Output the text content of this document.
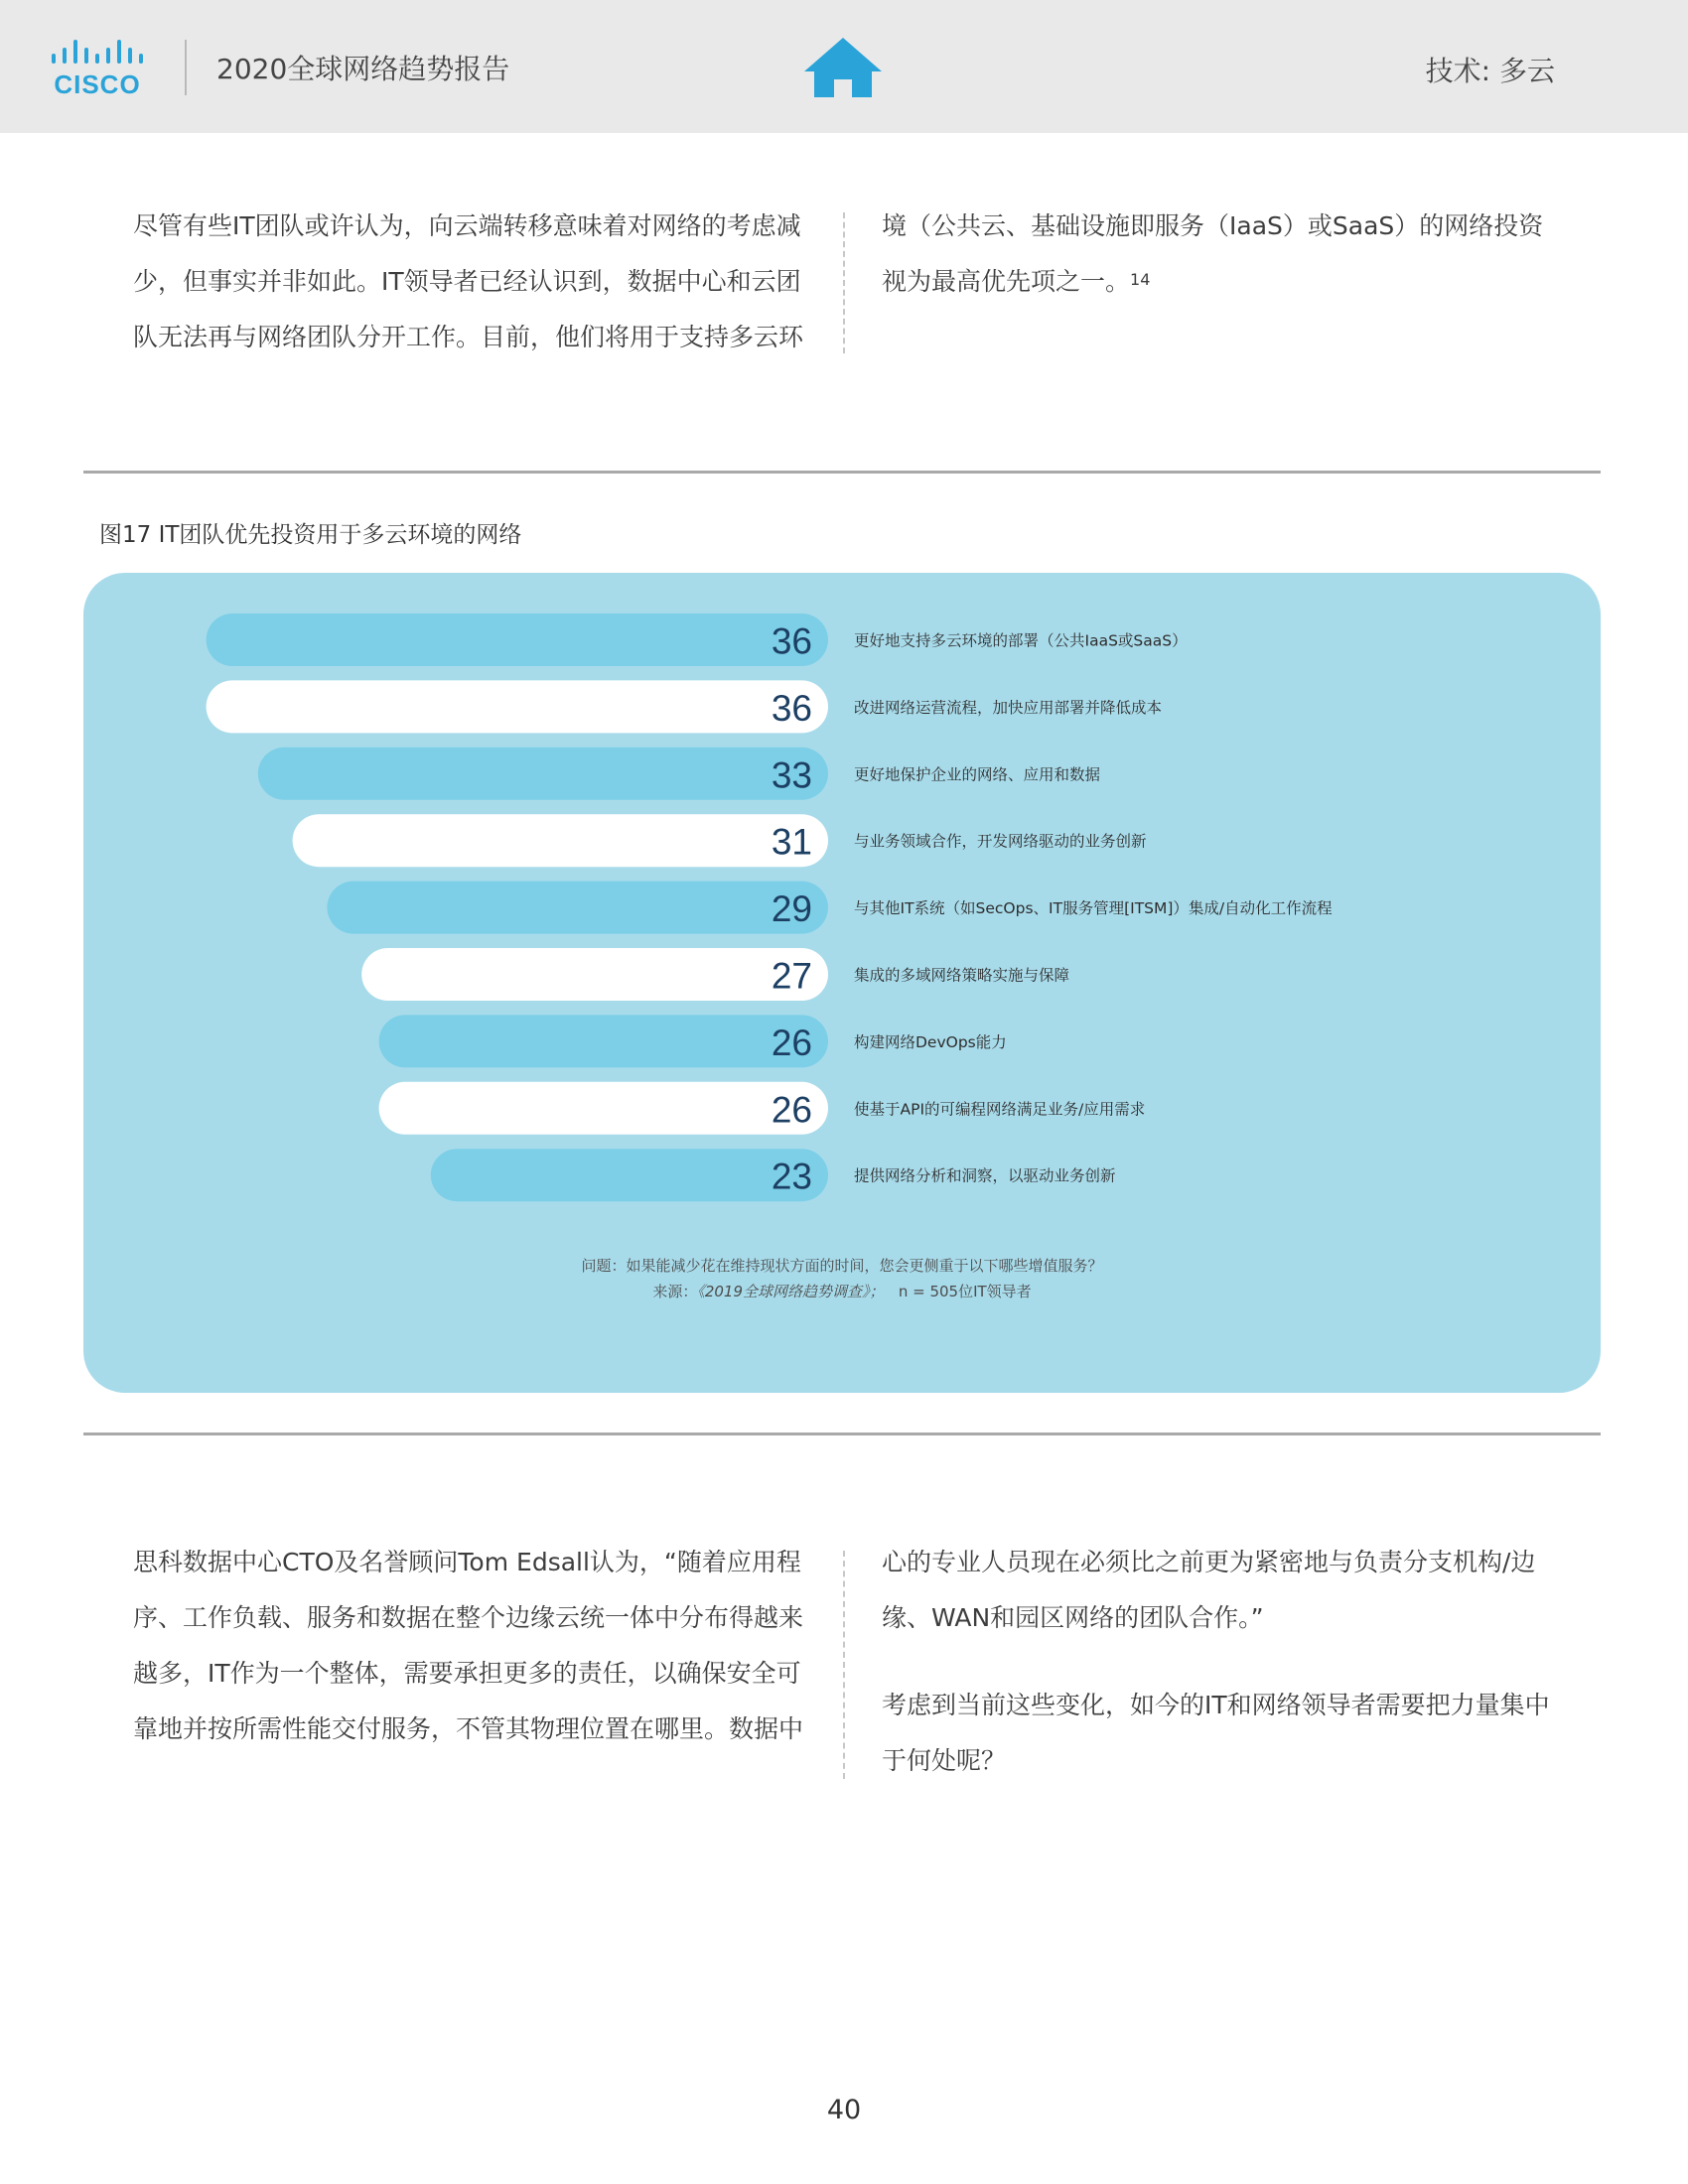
CISCO	2020全球网络趋势报告	技术: 多云
尽管有些IT团队或许认为，向云端转移意味着对网络的考虑减少，但事实并非如此。IT领导者已经认识到，数据中心和云团队无法再与网络团队分开工作。目前，他们将用于支持多云环
境（公共云、基础设施即服务（IaaS）或SaaS）的网络投资视为最高优先项之一。$^{14}$
图17 IT团队优先投资用于多云环境的网络
36	更好地支持多云环境的部署（公共IaaS或SaaS）
36	改进网络运营流程，加快应用部署并降低成本
33	更好地保护企业的网络、应用和数据
31	与业务领域合作，开发网络驱动的业务创新
29	与其他IT系统（如SecOps、IT服务管理[ITSM]）集成/自动化工作流程
27	集成的多域网络策略实施与保障
26	构建网络DevOps能力
26	使基于API的可编程网络满足业务/应用需求
23	提供网络分析和洞察，以驱动业务创新
问题：如果能减少花在维持现状方面的时间，您会更侧重于以下哪些增值服务？
来源：《2019全球网络趋势调查》； n = 505位IT领导者
思科数据中心CTO及名誉顾问Tom Edsall认为，“随着应用程序、工作负载、服务和数据在整个边缘云统一体中分布得越来越多，IT作为一个整体，需要承担更多的责任，以确保安全可靠地并按所需性能交付服务，不管其物理位置在哪里。数据中
心的专业人员现在必须比之前更为紧密地与负责分支机构/边缘、WAN和园区网络的团队合作。”
考虑到当前这些变化，如今的IT和网络领导者需要把力量集中于何处呢？
40
